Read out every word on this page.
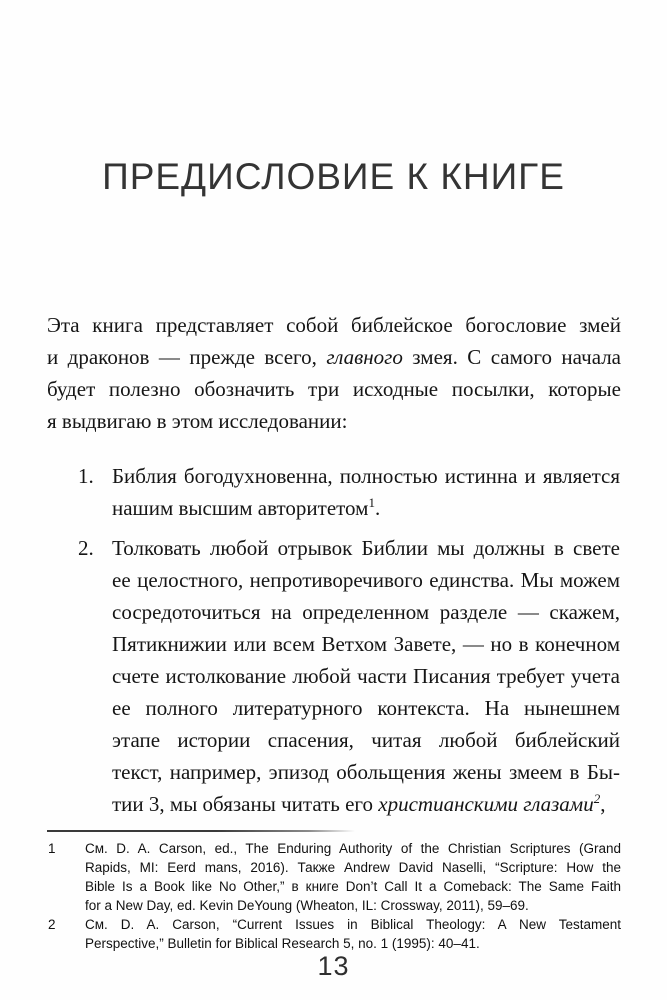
ПРЕДИСЛОВИЕ К КНИГЕ
Эта книга представляет собой библейское богословие змей
и драконов — прежде всего, главного змея. С самого начала
будет полезно обозначить три исходные посылки, которые
я выдвигаю в этом исследовании:
1. Библия богодухновенна, полностью истинна и является
нашим высшим авторитетом$^1$.
2. Толковать любой отрывок Библии мы должны в свете
ее целостного, непротиворечивого единства. Мы можем
сосредоточиться на определенном разделе — скажем,
Пятикнижии или всем Ветхом Завете, — но в конечном
счете истолкование любой части Писания требует учета
ее полного литературного контекста. На нынешнем
этапе истории спасения, читая любой библейский
текст, например, эпизод обольщения жены змеем в Бы-
тии 3, мы обязаны читать его христианскими глазами$^2$,
1 См. D. A. Carson, ed., The Enduring Authority of the Christian Scriptures (Grand
Rapids, MI: Eerd mans, 2016). Также Andrew David Naselli, “Scripture: How the
Bible Is a Book like No Other,” в книге Don’t Call It a Comeback: The Same Faith
for a New Day, ed. Kevin DeYoung (Wheaton, IL: Crossway, 2011), 59–69.
2 См. D. A. Carson, “Current Issues in Biblical Theology: A New Testament
Perspective,” Bulletin for Biblical Research 5, no. 1 (1995): 40–41.
13
